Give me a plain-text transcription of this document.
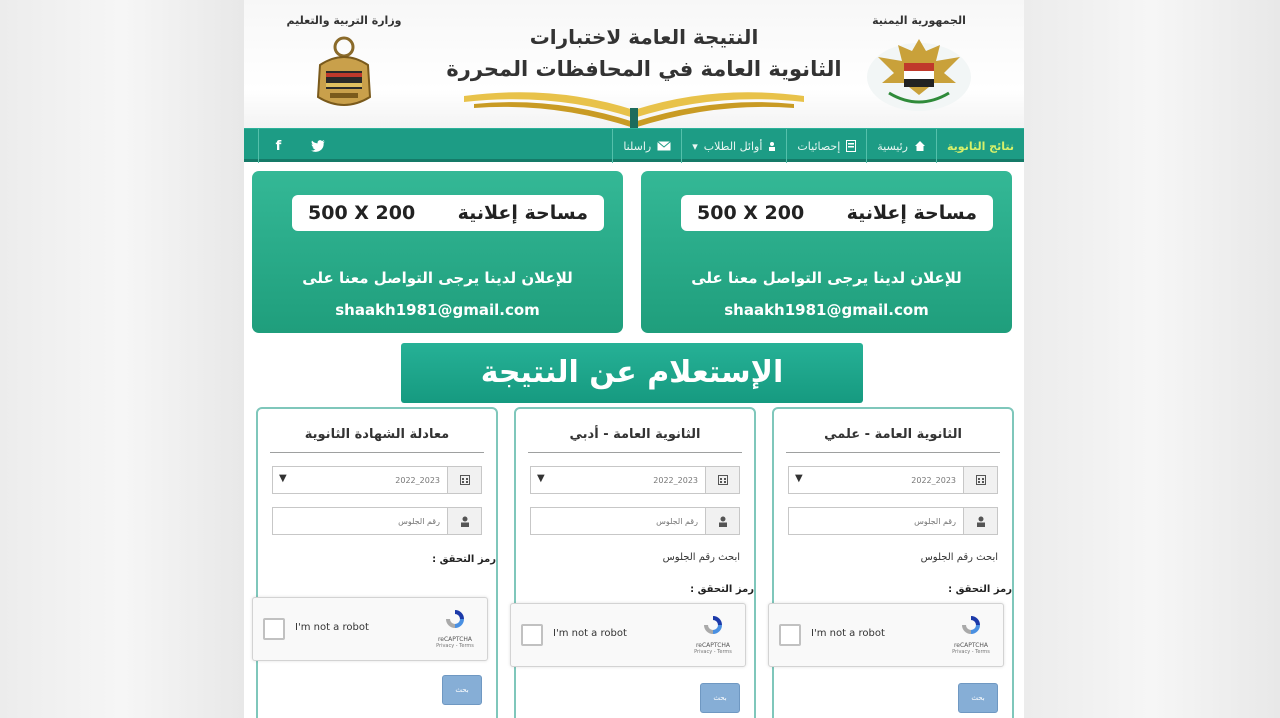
وزارة التربية والتعليم
النتيجة العامة لاختبارات
الثانوية العامة في المحافظات المحررة
الجمهورية اليمنية
نتائج الثانوية
رئيسية
إحصائيات
أوائل الطلاب
▾
راسلنا
f
مساحة إعلانية
500 X 200
للإعلان لدينا يرجى التواصل معنا على
shaakh1981@gmail.com
مساحة إعلانية
500 X 200
للإعلان لدينا يرجى التواصل معنا على
shaakh1981@gmail.com
الإستعلام عن النتيجة
الثانوية العامة - علمي
▼
2022_2023
رقم الجلوس
ابحث رقم الجلوس
رمز التحقق :
I'm not a robot
reCAPTCHA
Privacy - Terms
بحث
الثانوية العامة - أدبي
▼
2022_2023
رقم الجلوس
ابحث رقم الجلوس
رمز التحقق :
I'm not a robot
reCAPTCHA
Privacy - Terms
بحث
معادلة الشهادة الثانوية
▼
2022_2023
رقم الجلوس
رمز التحقق :
I'm not a robot
reCAPTCHA
Privacy - Terms
بحث
